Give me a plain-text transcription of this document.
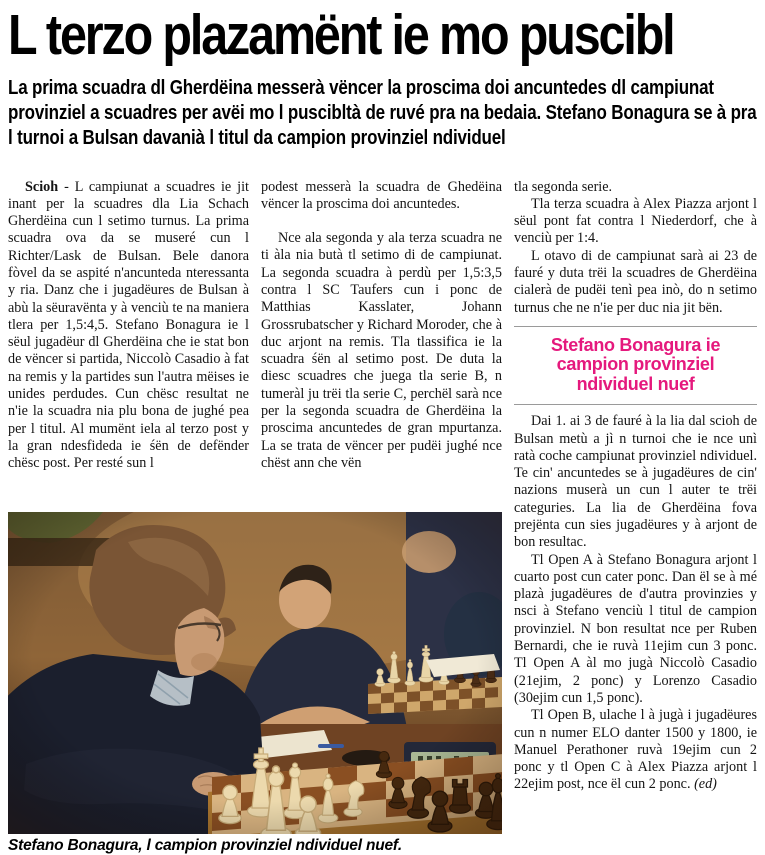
L terzo plazamënt ie mo puscibl

La prima scuadra dl Gherdëina messerà vëncer la proscima doi ancuntedes dl campiunat provinziel a scuadres per avëi mo l puscibltà de ruvé pra na bedaia. Stefano Bonagura se à pra l turnoi a Bulsan davanià l titul da campion provinziel ndividuel

Scioh - L campiunat a scuadres ie jit inant per la scuadres dla Lia Schach Gherdëina cun l setimo turnus. La prima scuadra ova da se museré cun l Richter/Lask de Bulsan. Bele danora fòvel da se aspité n'ancunteda nteressanta y ria. Danz che i jugadëures de Bulsan à abù la sëuravënta y à venciù te na maniera tlera per 1,5:4,5. Stefano Bonagura ie l sëul jugadëur dl Gherdëina che ie stat bon de vëncer si partida, Niccolò Casadio à fat na remis y la partides sun l'autra mëises ie unides perdudes. Cun chësc resultat ne n'ie la scuadra nia plu bona de jughé pea per l titul. Al mumënt iela al terzo post y la gran ndesfideda ie śën de defënder chësc post. Per resté sun l

podest messerà la scuadra de Ghedëina vëncer la proscima doi ancuntedes.

Nce ala segonda y ala terza scuadra ne ti àla nia butà tl setimo di de campiunat. La segonda scuadra à perdù per 1,5:3,5 contra l SC Taufers cun i ponc de Matthias Kasslater, Johann Grossrubatscher y Richard Moroder, che à duc arjont na remis. Tla tlassifica ie la scuadra śën al setimo post. De duta la diesc scuadres che juega tla serie B, n tumeràl ju trëi tla serie C, perchël sarà nce per la segonda scuadra de Gherdëina la proscima ancuntedes de gran mpurtanza. La se trata de vëncer per pudëi jughé nce chëst ann che vën

Stefano Bonagura, l campion provinziel ndividuel nuef.

tla segonda serie.

Tla terza scuadra à Alex Piazza arjont l sëul pont fat contra l Niederdorf, che à venciù per 1:4.

L otavo di de campiunat sarà ai 23 de fauré y duta trëi la scuadres de Gherdëina cialerà de pudëi tenì pea inò, do n setimo turnus che ne n'ie per duc nia jit bën.

Stefano Bonagura ie campion provinziel ndividuel nuef

Dai 1. ai 3 de fauré à la lia dal scioh de Bulsan metù a jì n turnoi che ie nce unì ratà coche campiunat provinziel ndividuel. Te cin' ancuntedes se à jugadëures de cin' nazions muserà un cun l auter te trëi categuries. La lia de Gherdëina fova prejënta cun sies jugadëures y à arjont de bon resultac.

Tl Open A à Stefano Bonagura arjont l cuarto post cun cater ponc. Dan ël se à mé plazà jugadëures de d'autra provinzies y nsci à Stefano venciù l titul de campion provinziel. N bon resultat nce per Ruben Bernardi, che ie ruvà 11ejim cun 3 ponc. Tl Open A àl mo jugà Niccolò Casadio (21ejim, 2 ponc) y Lorenzo Casadio (30ejim cun 1,5 ponc).

Tl Open B, ulache l à jugà i jugadëures cun n numer ELO danter 1500 y 1800, ie Manuel Perathoner ruvà 19ejim cun 2 ponc y tl Open C à Alex Piazza arjont l 22ejim post, nce ël cun 2 ponc. (ed)
